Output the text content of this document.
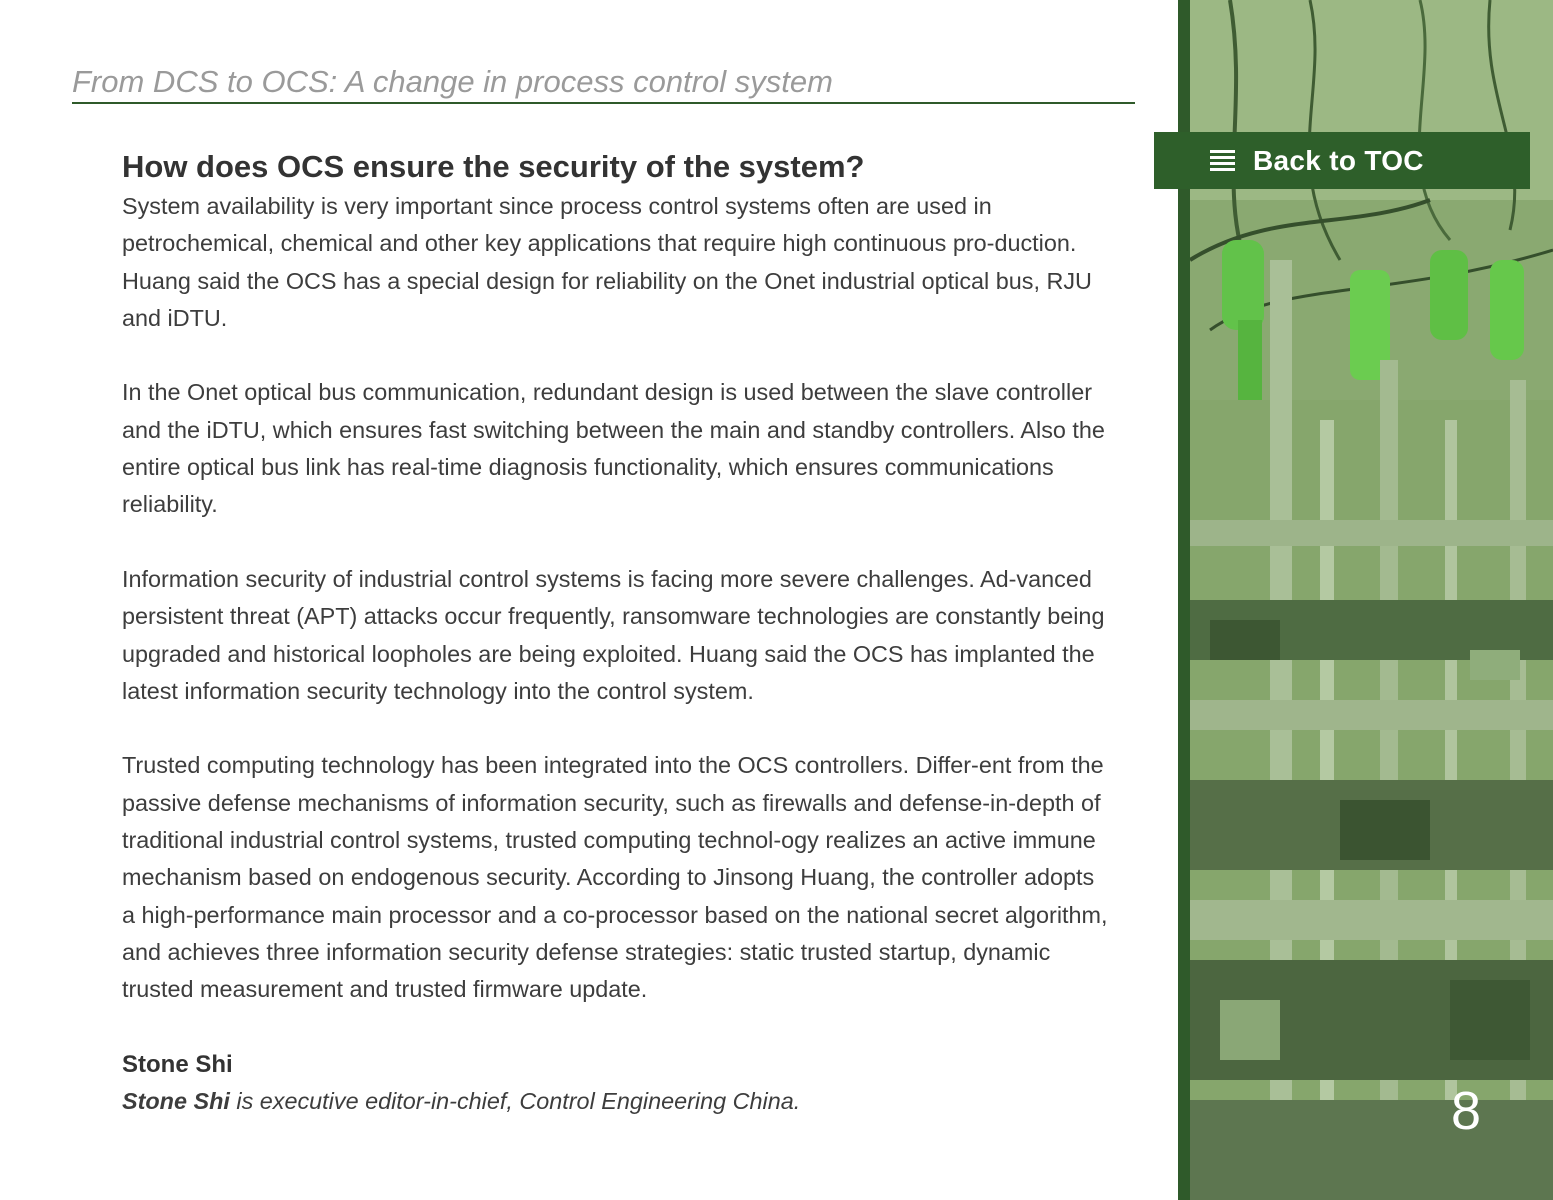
From DCS to OCS: A change in process control system
How does OCS ensure the security of the system?

System availability is very important since process control systems often are used in petrochemical, chemical and other key applications that require high continuous pro-duction. Huang said the OCS has a special design for reliability on the Onet industrial optical bus, RJU and iDTU.

In the Onet optical bus communication, redundant design is used between the slave controller and the iDTU, which ensures fast switching between the main and standby controllers. Also the entire optical bus link has real-time diagnosis functionality, which ensures communications reliability.

Information security of industrial control systems is facing more severe challenges. Ad-vanced persistent threat (APT) attacks occur frequently, ransomware technologies are constantly being upgraded and historical loopholes are being exploited. Huang said the OCS has implanted the latest information security technology into the control system.

Trusted computing technology has been integrated into the OCS controllers. Differ-ent from the passive defense mechanisms of information security, such as firewalls and defense-in-depth of traditional industrial control systems, trusted computing technol-ogy realizes an active immune mechanism based on endogenous security. According to Jinsong Huang, the controller adopts a high-performance main processor and a co-processor based on the national secret algorithm, and achieves three information security defense strategies: static trusted startup, dynamic trusted measurement and trusted firmware update.

Stone Shi
Stone Shi is executive editor-in-chief, Control Engineering China.
Back to TOC
8
